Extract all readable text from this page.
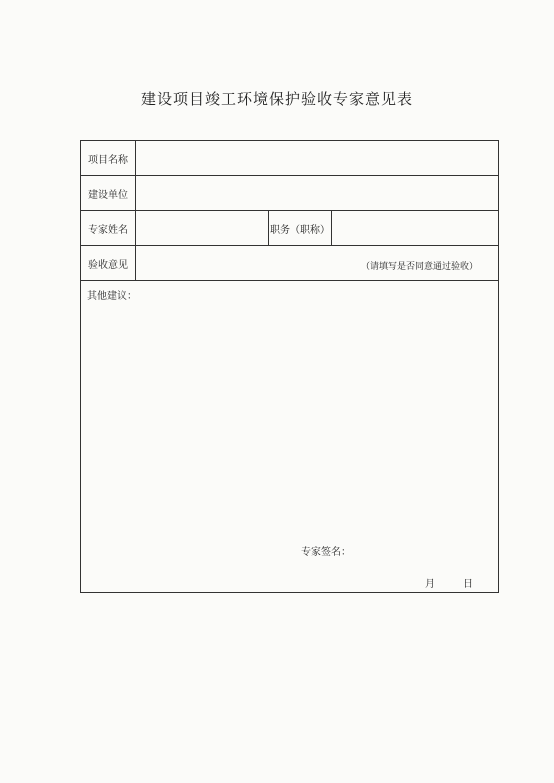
建设项目竣工环境保护验收专家意见表
项目名称
建设单位
专家姓名	职务（职称）
验收意见	（请填写是否同意通过验收）
其他建议：
专家签名：
月	日
